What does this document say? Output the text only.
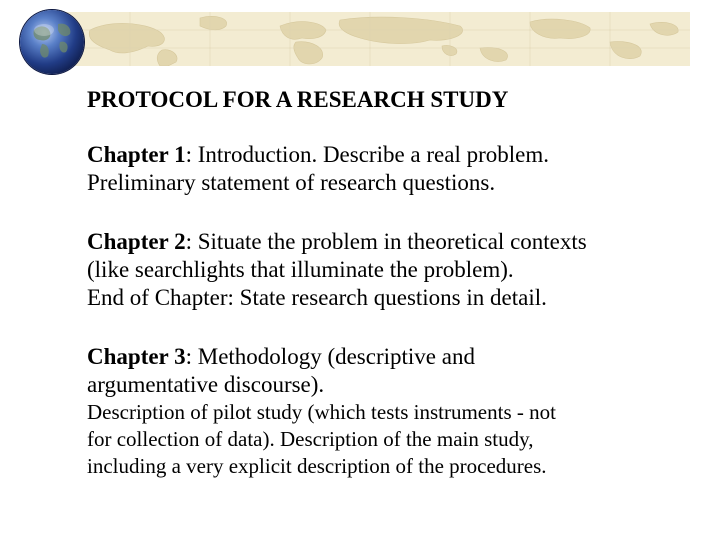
PROTOCOL FOR A RESEARCH STUDY
Chapter 1: Introduction. Describe a real problem.
Preliminary statement of research questions.
Chapter 2: Situate the problem in theoretical contexts
(like searchlights that illuminate the problem).
End of Chapter: State research questions in detail.
Chapter 3: Methodology (descriptive and
argumentative discourse).
Description of pilot study (which tests instruments - not
for collection of data). Description of the main study,
including a very explicit description of the procedures.
